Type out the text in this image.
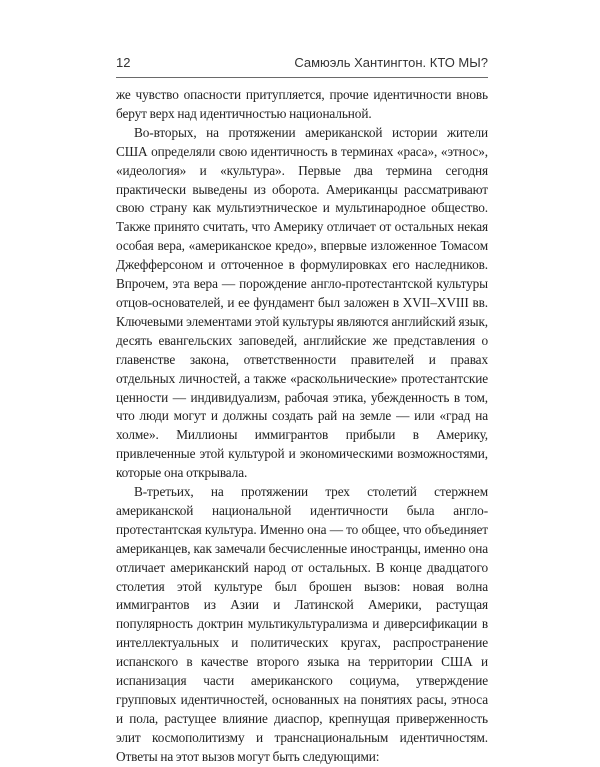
12	Самюэль Хантингтон. КТО МЫ?

же чувство опасности притупляется, прочие идентичности вновь берут верх над идентичностью национальной.

Во-вторых, на протяжении американской истории жители США определяли свою идентичность в терминах «раса», «этнос», «идеология» и «культура». Первые два термина сегодня практически выведены из оборота. Американцы рассматривают свою страну как мультиэтническое и мультинародное общество. Также принято считать, что Америку отличает от остальных некая особая вера, «американское кредо», впервые изложенное Томасом Джефферсоном и отточенное в формулировках его наследников. Впрочем, эта вера — порождение англо-протестантской культуры отцов-основателей, и ее фундамент был заложен в XVII–XVIII вв. Ключевыми элементами этой культуры являются английский язык, десять евангельских заповедей, английские же представления о главенстве закона, ответственности правителей и правах отдельных личностей, а также «раскольнические» протестантские ценности — индивидуализм, рабочая этика, убежденность в том, что люди могут и должны создать рай на земле — или «град на холме». Миллионы иммигрантов прибыли в Америку, привлеченные этой культурой и экономическими возможностями, которые она открывала.

В-третьих, на протяжении трех столетий стержнем американской национальной идентичности была англо-протестантская культура. Именно она — то общее, что объединяет американцев, как замечали бесчисленные иностранцы, именно она отличает американский народ от остальных. В конце двадцатого столетия этой культуре был брошен вызов: новая волна иммигрантов из Азии и Латинской Америки, растущая популярность доктрин мультикультурализма и диверсификации в интеллектуальных и политических кругах, распространение испанского в качестве второго языка на территории США и испанизация части американского социума, утверждение групповых идентичностей, основанных на понятиях расы, этноса и пола, растущее влияние диаспор, крепнущая приверженность элит космополитизму и транснациональным идентичностям. Ответы на этот вызов могут быть следующими:
